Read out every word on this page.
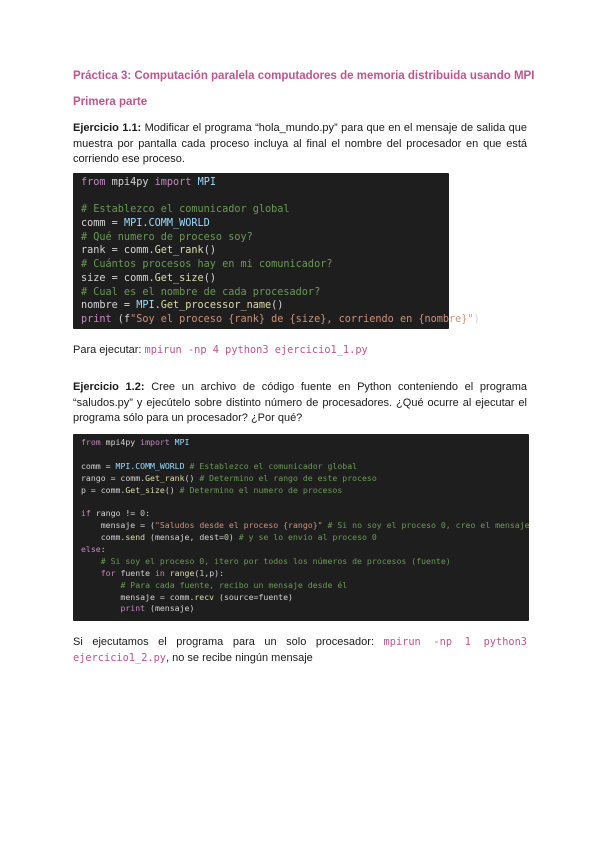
Práctica 3: Computación paralela computadores de memoria distribuida usando MPI
Primera parte
Ejercicio 1.1: Modificar el programa “hola_mundo.py” para que en el mensaje de salida que muestra por pantalla cada proceso incluya al final el nombre del procesador en que está corriendo ese proceso.
from mpi4py import MPI

# Establezco el comunicador global
comm = MPI.COMM_WORLD
# Qué numero de proceso soy?
rank = comm.Get_rank()
# Cuántos procesos hay en mi comunicador?
size = comm.Get_size()
# Cual es el nombre de cada procesador?
nombre = MPI.Get_processor_name()
print (f"Soy el proceso {rank} de {size}, corriendo en {nombre}")
Para ejecutar: mpirun -np 4 python3 ejercicio1_1.py
Ejercicio 1.2: Cree un archivo de código fuente en Python conteniendo el programa “saludos.py” y ejecútelo sobre distinto número de procesadores. ¿Qué ocurre al ejecutar el programa sólo para un procesador? ¿Por qué?
from mpi4py import MPI

comm = MPI.COMM_WORLD # Establezco el comunicador global
rango = comm.Get_rank() # Determino el rango de este proceso
p = comm.Get_size() # Determino el numero de procesos

if rango != 0:
mensaje = ("Saludos desde el proceso {rango}" # Si no soy el proceso 0, creo el mensaje
comm.send (mensaje, dest=0) # y se lo envio al proceso 0
else:
# Si soy el proceso 0, itero por todos los números de procesos (fuente)
for fuente in range(1,p):
# Para cada fuente, recibo un mensaje desde él
mensaje = comm.recv (source=fuente)
print (mensaje)
Si ejecutamos el programa para un solo procesador: mpirun -np 1 python3 ejercicio1_2.py, no se recibe ningún mensaje
